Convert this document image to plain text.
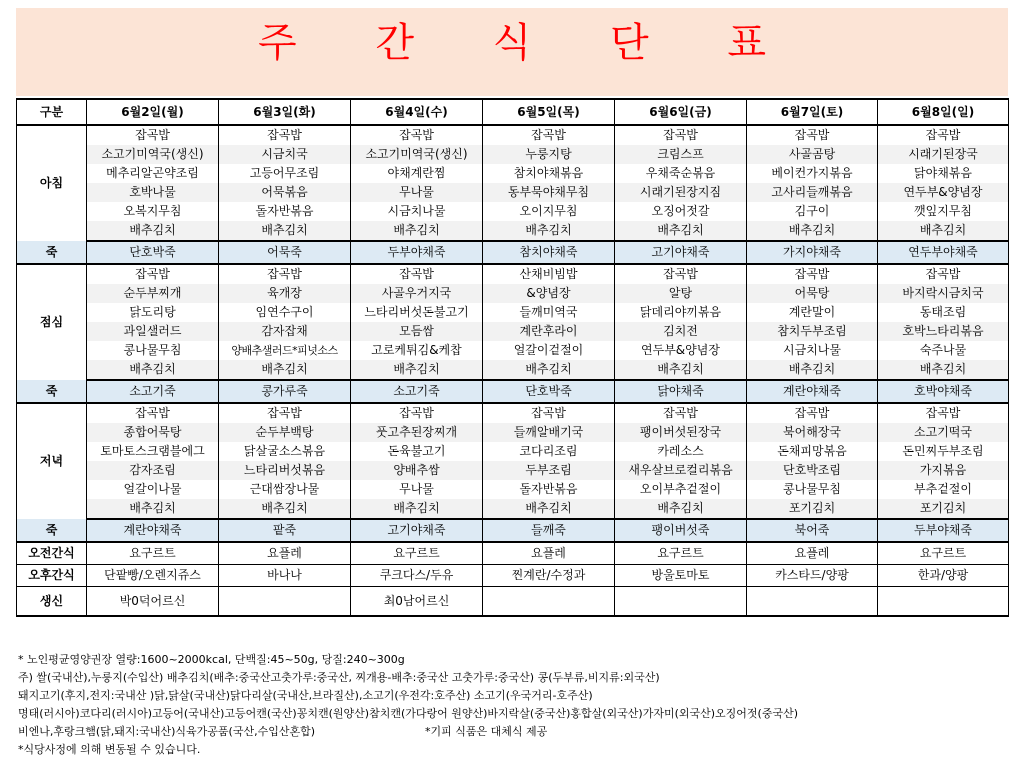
주 간 식 단 표
구분	6월2일(월)	6월3일(화)	6월4일(수)	6월5일(목)	6월6일(금)	6월7일(토)	6월8일(일)
아침	잡곡밥	잡곡밥	잡곡밥	잡곡밥	잡곡밥	잡곡밥	잡곡밥
	소고기미역국(생신)	시금치국	소고기미역국(생신)	누룽지탕	크림스프	사골곰탕	시래기된장국
	메추리알곤약조림	고등어무조림	야채계란찜	참치야채볶음	우채죽순볶음	베이컨가지볶음	닭야채볶음
	호박나물	어묵볶음	무나물	동부묵야채무침	시래기된장지짐	고사리들깨볶음	연두부&양념장
	오복지무침	돌자반볶음	시금치나물	오이지무침	오징어젓갈	김구이	깻잎지무침
	배추김치	배추김치	배추김치	배추김치	배추김치	배추김치	배추김치
죽	단호박죽	어묵죽	두부야채죽	참치야채죽	고기야채죽	가지야채죽	연두부야채죽
점심	잡곡밥	잡곡밥	잡곡밥	산채비빔밥	잡곡밥	잡곡밥	잡곡밥
	순두부찌개	육개장	사골우거지국	&양념장	알탕	어묵탕	바지락시금치국
	닭도리탕	임연수구이	느타리버섯돈불고기	들깨미역국	닭데리야끼볶음	계란말이	동태조림
	과일샐러드	감자잡채	모듬쌈	계란후라이	김치전	참치두부조림	호박느타리볶음
	콩나물무침	양배추샐러드*피넛소스	고로케튀김&케찹	얼갈이겉절이	연두부&양념장	시금치나물	숙주나물
	배추김치	배추김치	배추김치	배추김치	배추김치	배추김치	배추김치
죽	소고기죽	콩가루죽	소고기죽	단호박죽	닭야채죽	계란야채죽	호박야채죽
저녁	잡곡밥	잡곡밥	잡곡밥	잡곡밥	잡곡밥	잡곡밥	잡곡밥
	종합어묵탕	순두부백탕	풋고추된장찌개	들깨알배기국	팽이버섯된장국	북어해장국	소고기떡국
	토마토스크램블에그	닭살굴소스볶음	돈육불고기	코다리조림	카레소스	돈채피망볶음	돈민찌두부조림
	감자조림	느타리버섯볶음	양배추쌈	두부조림	새우살브로컬리볶음	단호박조림	가지볶음
	얼갈이나물	근대쌈장나물	무나물	돌자반볶음	오이부추겉절이	콩나물무침	부추겉절이
	배추김치	배추김치	배추김치	배추김치	배추김치	포기김치	포기김치
죽	계란야채죽	팥죽	고기야채죽	들깨죽	팽이버섯죽	북어죽	두부야채죽
오전간식	요구르트	요플레	요구르트	요플레	요구르트	요플레	요구르트
오후간식	단팥빵/오렌지쥬스	바나나	쿠크다스/두유	찐계란/수정과	방울토마토	카스타드/양팡	한과/양팡
생신	박0덕어르신		최0남어르신				
* 노인평균영양권장 열량:1600~2000kcal, 단백질:45~50g, 당질:240~300g
주) 쌀(국내산),누룽지(수입산) 배추김치(배추:중국산고춧가루:중국산, 찌개용-배추:중국산 고춧가루:중국산) 콩(두부류,비지류:외국산)
돼지고기(후지,전지:국내산 )닭,닭살(국내산)닭다리살(국내산,브라질산),소고기(우전각:호주산) 소고기(우국거리-호주산)
명태(러시아)코다리(러시아)고등어(국내산)고등어캔(국산)꽁치캔(원양산)참치캔(가다랑어 원양산)바지락살(중국산)홍합살(외국산)가자미(외국산)오징어젓(중국산)
비엔나,후랑크햄(닭,돼지:국내산)식육가공품(국산,수입산혼합)	*기피 식품은 대체식 제공
*식당사정에 의해 변동될 수 있습니다.
